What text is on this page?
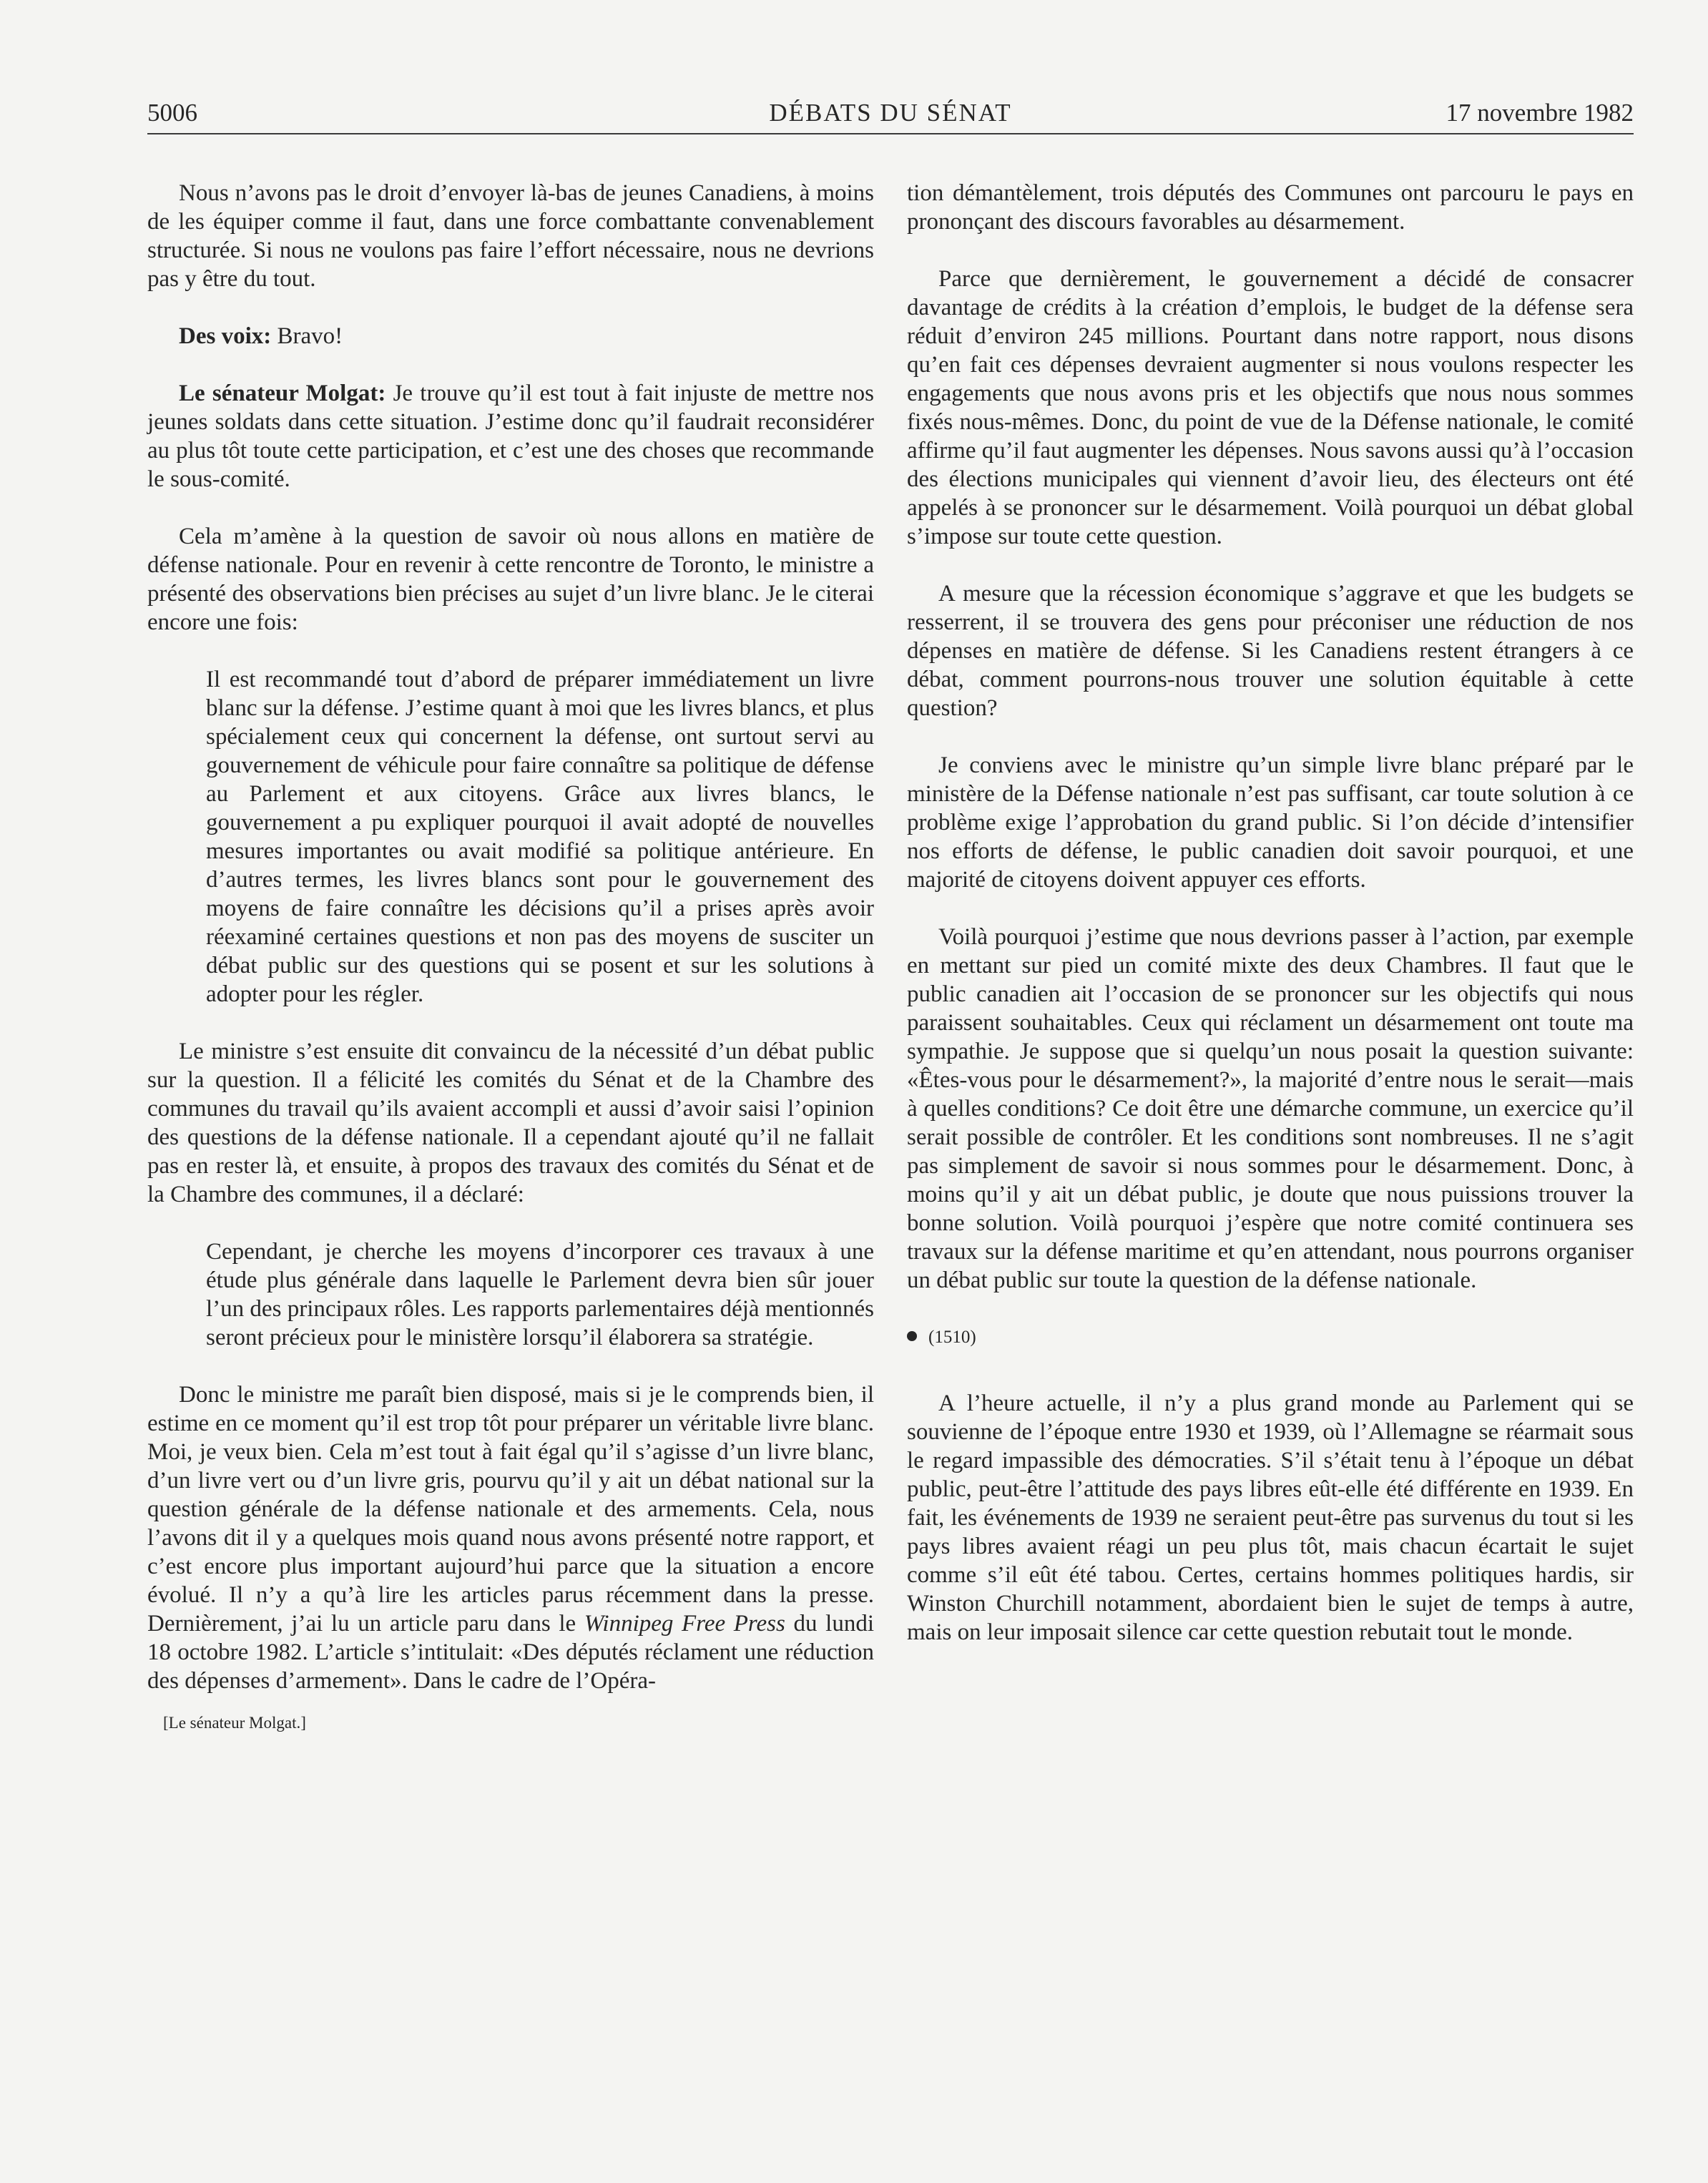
5006	DÉBATS DU SÉNAT	17 novembre 1982

Nous n’avons pas le droit d’envoyer là-bas de jeunes Canadiens, à moins de les équiper comme il faut, dans une force combattante convenablement structurée. Si nous ne voulons pas faire l’effort nécessaire, nous ne devrions pas y être du tout.

Des voix: Bravo!

Le sénateur Molgat: Je trouve qu’il est tout à fait injuste de mettre nos jeunes soldats dans cette situation. J’estime donc qu’il faudrait reconsidérer au plus tôt toute cette participation, et c’est une des choses que recommande le sous-comité.

Cela m’amène à la question de savoir où nous allons en matière de défense nationale. Pour en revenir à cette rencontre de Toronto, le ministre a présenté des observations bien précises au sujet d’un livre blanc. Je le citerai encore une fois:

Il est recommandé tout d’abord de préparer immédiatement un livre blanc sur la défense. J’estime quant à moi que les livres blancs, et plus spécialement ceux qui concernent la défense, ont surtout servi au gouvernement de véhicule pour faire connaître sa politique de défense au Parlement et aux citoyens. Grâce aux livres blancs, le gouvernement a pu expliquer pourquoi il avait adopté de nouvelles mesures importantes ou avait modifié sa politique antérieure. En d’autres termes, les livres blancs sont pour le gouvernement des moyens de faire connaître les décisions qu’il a prises après avoir réexaminé certaines questions et non pas des moyens de susciter un débat public sur des questions qui se posent et sur les solutions à adopter pour les régler.

Le ministre s’est ensuite dit convaincu de la nécessité d’un débat public sur la question. Il a félicité les comités du Sénat et de la Chambre des communes du travail qu’ils avaient accompli et aussi d’avoir saisi l’opinion des questions de la défense nationale. Il a cependant ajouté qu’il ne fallait pas en rester là, et ensuite, à propos des travaux des comités du Sénat et de la Chambre des communes, il a déclaré:

Cependant, je cherche les moyens d’incorporer ces travaux à une étude plus générale dans laquelle le Parlement devra bien sûr jouer l’un des principaux rôles. Les rapports parlementaires déjà mentionnés seront précieux pour le ministère lorsqu’il élaborera sa stratégie.

Donc le ministre me paraît bien disposé, mais si je le comprends bien, il estime en ce moment qu’il est trop tôt pour préparer un véritable livre blanc. Moi, je veux bien. Cela m’est tout à fait égal qu’il s’agisse d’un livre blanc, d’un livre vert ou d’un livre gris, pourvu qu’il y ait un débat national sur la question générale de la défense nationale et des armements. Cela, nous l’avons dit il y a quelques mois quand nous avons présenté notre rapport, et c’est encore plus important aujourd’hui parce que la situation a encore évolué. Il n’y a qu’à lire les articles parus récemment dans la presse. Dernièrement, j’ai lu un article paru dans le Winnipeg Free Press du lundi 18 octobre 1982. L’article s’intitulait: «Des députés réclament une réduction des dépenses d’armement». Dans le cadre de l’Opéra-

[Le sénateur Molgat.]

tion démantèlement, trois députés des Communes ont parcouru le pays en prononçant des discours favorables au désarmement.

Parce que dernièrement, le gouvernement a décidé de consacrer davantage de crédits à la création d’emplois, le budget de la défense sera réduit d’environ 245 millions. Pourtant dans notre rapport, nous disons qu’en fait ces dépenses devraient augmenter si nous voulons respecter les engagements que nous avons pris et les objectifs que nous nous sommes fixés nous-mêmes. Donc, du point de vue de la Défense nationale, le comité affirme qu’il faut augmenter les dépenses. Nous savons aussi qu’à l’occasion des élections municipales qui viennent d’avoir lieu, des électeurs ont été appelés à se prononcer sur le désarmement. Voilà pourquoi un débat global s’impose sur toute cette question.

A mesure que la récession économique s’aggrave et que les budgets se resserrent, il se trouvera des gens pour préconiser une réduction de nos dépenses en matière de défense. Si les Canadiens restent étrangers à ce débat, comment pourrons-nous trouver une solution équitable à cette question?

Je conviens avec le ministre qu’un simple livre blanc préparé par le ministère de la Défense nationale n’est pas suffisant, car toute solution à ce problème exige l’approbation du grand public. Si l’on décide d’intensifier nos efforts de défense, le public canadien doit savoir pourquoi, et une majorité de citoyens doivent appuyer ces efforts.

Voilà pourquoi j’estime que nous devrions passer à l’action, par exemple en mettant sur pied un comité mixte des deux Chambres. Il faut que le public canadien ait l’occasion de se prononcer sur les objectifs qui nous paraissent souhaitables. Ceux qui réclament un désarmement ont toute ma sympathie. Je suppose que si quelqu’un nous posait la question suivante: «Êtes-vous pour le désarmement?», la majorité d’entre nous le serait—mais à quelles conditions? Ce doit être une démarche commune, un exercice qu’il serait possible de contrôler. Et les conditions sont nombreuses. Il ne s’agit pas simplement de savoir si nous sommes pour le désarmement. Donc, à moins qu’il y ait un débat public, je doute que nous puissions trouver la bonne solution. Voilà pourquoi j’espère que notre comité continuera ses travaux sur la défense maritime et qu’en attendant, nous pourrons organiser un débat public sur toute la question de la défense nationale.

(1510)

A l’heure actuelle, il n’y a plus grand monde au Parlement qui se souvienne de l’époque entre 1930 et 1939, où l’Allemagne se réarmait sous le regard impassible des démocraties. S’il s’était tenu à l’époque un débat public, peut-être l’attitude des pays libres eût-elle été différente en 1939. En fait, les événements de 1939 ne seraient peut-être pas survenus du tout si les pays libres avaient réagi un peu plus tôt, mais chacun écartait le sujet comme s’il eût été tabou. Certes, certains hommes politiques hardis, sir Winston Churchill notamment, abordaient bien le sujet de temps à autre, mais on leur imposait silence car cette question rebutait tout le monde.
